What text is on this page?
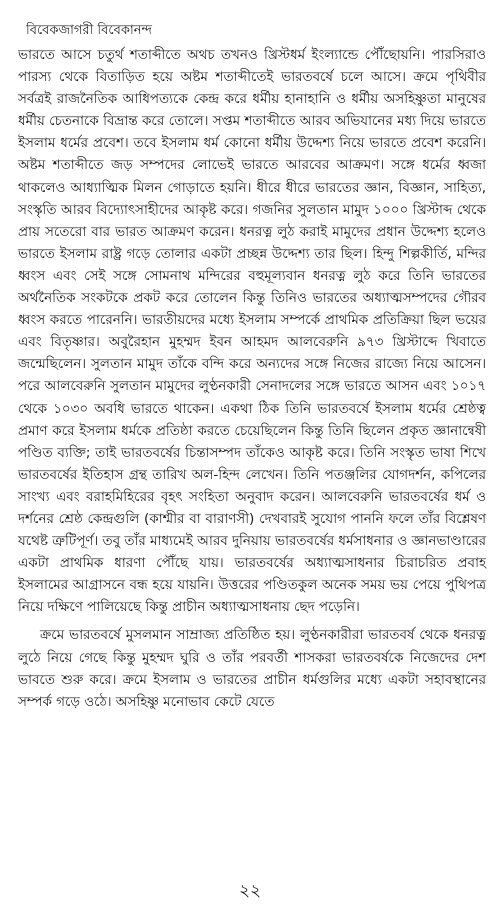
বিবেকজাগরী বিবেকানন্দ

ভারতে আসে চতুর্থ শতাব্দীতে অথচ তখনও খ্রিস্টধর্ম ইংল্যান্ডে পৌঁছোয়নি। পারসিরাও পারস্য থেকে বিতাড়িত হয়ে অষ্টম শতাব্দীতেই ভারতবর্ষে চলে আসে। ক্রমে পৃথিবীর সর্বত্রই রাজনৈতিক আধিপত্যকে কেন্দ্র করে ধর্মীয় হানাহানি ও ধর্মীয় অসহিষ্ণুতা মানুষের ধর্মীয় চেতনাকে বিভ্রান্ত করে তোলে। সপ্তম শতাব্দীতে আরব অভিযানের মধ্য দিয়ে ভারতে ইসলাম ধর্মের প্রবেশ। তবে ইসলাম ধর্ম কোনো ধর্মীয় উদ্দেশ্য নিয়ে ভারতে প্রবেশ করেনি। অষ্টম শতাব্দীতে জড় সম্পদের লোভেই ভারতে আরবের আক্রমণ। সঙ্গে ধর্মের ধ্বজা থাকলেও আধ্যাত্মিক মিলন গোড়াতে হয়নি। ধীরে ধীরে ভারতের জ্ঞান, বিজ্ঞান, সাহিত্য, সংস্কৃতি আরব বিদ্যোৎসাহীদের আকৃষ্ট করে। গজনির সুলতান মামুদ ১০০০ খ্রিস্টাব্দ থেকে প্রায় সতেরো বার ভারত আক্রমণ করেন। ধনরত্ন লুঠ করাই মামুদের প্রধান উদ্দেশ্য হলেও ভারতে ইসলাম রাষ্ট্র গড়ে তোলার একটা প্রচ্ছন্ন উদ্দেশ্য তার ছিল। হিন্দু শিল্পকীর্তি, মন্দির ধ্বংস এবং সেই সঙ্গে সোমনাথ মন্দিরের বহুমূল্যবান ধনরত্ন লুঠ করে তিনি ভারতের অর্থনৈতিক সংকটকে প্রকট করে তোলেন কিন্তু তিনিও ভারতের অধ্যাত্মসম্পদের গৌরব ধ্বংস করতে পারেননি। ভারতীয়দের মধ্যে ইসলাম সম্পর্কে প্রাথমিক প্রতিক্রিয়া ছিল ভয়ের এবং বিতৃষ্ণার। অবুরৈহান মুহম্মদ ইবন আহমদ আলবেরুনি ৯৭৩ খ্রিস্টাব্দে খিবাতে জন্মেছিলেন। সুলতান মামুদ তাঁকে বন্দি করে অন্যদের সঙ্গে নিজের রাজ্যে নিয়ে আসেন। পরে আলবেরুনি সুলতান মামুদের লুণ্ঠনকারী সেনাদলের সঙ্গে ভারতে আসন এবং ১০১৭ থেকে ১০৩০ অবধি ভারতে থাকেন। একথা ঠিক তিনি ভারতবর্ষে ইসলাম ধর্মের শ্রেষ্ঠত্ব প্রমাণ করে ইসলাম ধর্মকে প্রতিষ্ঠা করতে চেয়েছিলেন কিন্তু তিনি ছিলেন প্রকৃত জ্ঞানান্বেষী পণ্ডিত ব্যক্তি; তাই ভারতবর্ষের চিন্তাসম্পদ তাঁকেও আকৃষ্ট করে। তিনি সংস্কৃত ভাষা শিখে ভারতবর্ষের ইতিহাস গ্রন্থ তারিখ অল-হিন্দ লেখেন। তিনি পতঞ্জলির যোগদর্শন, কপিলের সাংখ্য এবং বরাহমিহিরের বৃহৎ সংহিতা অনুবাদ করেন। আলবেরুনি ভারতবর্ষের ধর্ম ও দর্শনের শ্রেষ্ঠ কেন্দ্রগুলি (কাশ্মীর বা বারাণসী) দেখবারই সুযোগ পাননি ফলে তাঁর বিশ্লেষণ যথেষ্ট ত্রুটিপূর্ণ। তবু তাঁর মাধ্যমেই আরব দুনিয়ায় ভারতবর্ষের ধর্মসাধনার ও জ্ঞানভাণ্ডারের একটা প্রাথমিক ধারণা পৌঁছে যায়। ভারতবর্ষের অধ্যাত্মসাধনার চিরাচরিত প্রবাহ ইসলামের আগ্রাসনে বন্ধ হয়ে যায়নি। উত্তরের পণ্ডিতকুল অনেক সময় ভয় পেয়ে পুথিপত্র নিয়ে দক্ষিণে পালিয়েছে কিন্তু প্রাচীন অধ্যাত্মসাধনায় ছেদ পড়েনি।

ক্রমে ভারতবর্ষে মুসলমান সাম্রাজ্য প্রতিষ্ঠিত হয়। লুণ্ঠনকারীরা ভারতবর্ষ থেকে ধনরত্ন লুঠে নিয়ে গেছে কিন্তু মুহম্মদ ঘুরি ও তাঁর পরবর্তী শাসকরা ভারতবর্ষকে নিজেদের দেশ ভাবতে শুরু করে। ক্রমে ইসলাম ও ভারতের প্রাচীন ধর্মগুলির মধ্যে একটা সহাবস্থানের সম্পর্ক গড়ে ওঠে। অসহিষ্ণু মনোভাব কেটে যেতে

২২
